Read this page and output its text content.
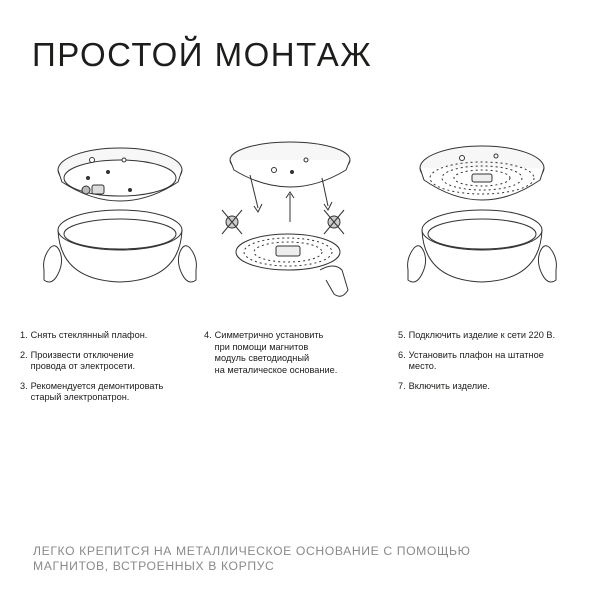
ПРОСТОЙ МОНТАЖ
1. Снять стеклянный плафон.
2. Произвести отключение
провода от электросети.
3. Рекомендуется демонтировать
старый электропатрон.
4. Симметрично установить
при помощи магнитов
модуль светодиодный
на металическое основание.
5. Подключить изделие к сети 220 В.
6. Установить плафон на штатное
место.
7. Включить изделие.
ЛЕГКО КРЕПИТСЯ НА МЕТАЛЛИЧЕСКОЕ ОСНОВАНИЕ С ПОМОЩЬЮ
МАГНИТОВ, ВСТРОЕННЫХ В КОРПУС
